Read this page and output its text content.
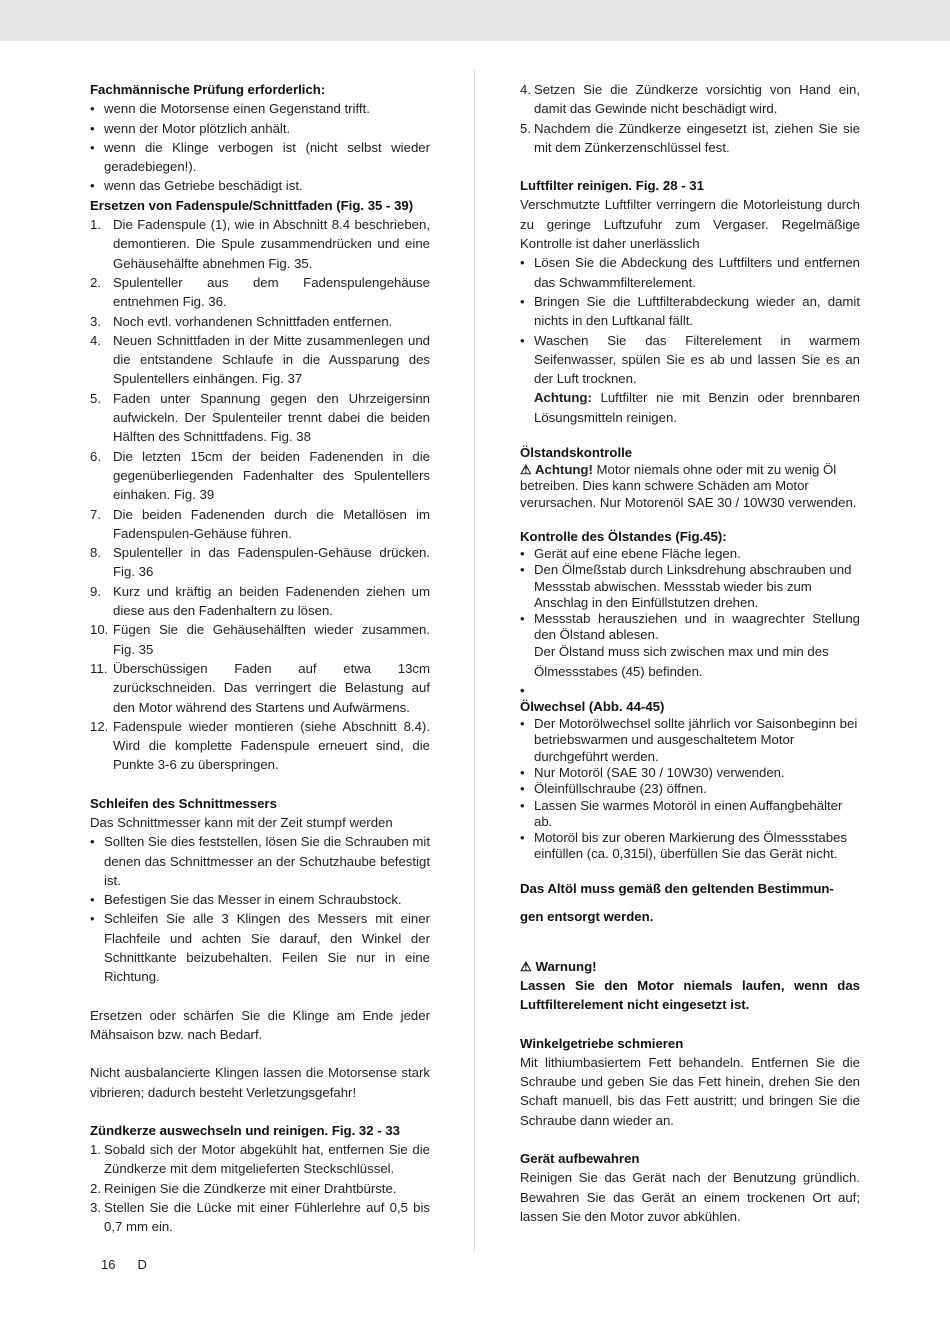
Fachmännische Prüfung erforderlich:
• wenn die Motorsense einen Gegenstand trifft.
• wenn der Motor plötzlich anhält.
• wenn die Klinge verbogen ist (nicht selbst wieder geradebiegen!).
• wenn das Getriebe beschädigt ist.
Ersetzen von Fadenspule/Schnittfaden (Fig. 35 - 39)
1. Die Fadenspule (1), wie in Abschnitt 8.4 beschrieben, demontieren. Die Spule zusammendrücken und eine Gehäusehälfte abnehmen Fig. 35.
2. Spulenteller aus dem Fadenspulengehäuse entnehmen Fig. 36.
3. Noch evtl. vorhandenen Schnittfaden entfernen.
4. Neuen Schnittfaden in der Mitte zusammenlegen und die entstandene Schlaufe in die Aussparung des Spulentellers einhängen. Fig. 37
5. Faden unter Spannung gegen den Uhrzeigersinn aufwickeln. Der Spulenteiler trennt dabei die beiden Hälften des Schnittfadens. Fig. 38
6. Die letzten 15cm der beiden Fadenenden in die gegenüberliegenden Fadenhalter des Spulentellers einhaken. Fig. 39
7. Die beiden Fadenenden durch die Metallösen im Fadenspulen-Gehäuse führen.
8. Spulenteller in das Fadenspulen-Gehäuse drücken. Fig. 36
9. Kurz und kräftig an beiden Fadenenden ziehen um diese aus den Fadenhaltern zu lösen.
10. Fügen Sie die Gehäusehälften wieder zusammen. Fig. 35
11. Überschüssigen Faden auf etwa 13cm zurückschneiden. Das verringert die Belastung auf den Motor während des Startens und Aufwärmens.
12. Fadenspule wieder montieren (siehe Abschnitt 8.4). Wird die komplette Fadenspule erneuert sind, die Punkte 3-6 zu überspringen.
Schleifen des Schnittmessers

Das Schnittmesser kann mit der Zeit stumpf werden

• Sollten Sie dies feststellen, lösen Sie die Schrauben mit denen das Schnittmesser an der Schutzhaube befestigt ist.
• Befestigen Sie das Messer in einem Schraubstock.
• Schleifen Sie alle 3 Klingen des Messers mit einer Flachfeile und achten Sie darauf, den Winkel der Schnittkante beizubehalten. Feilen Sie nur in eine Richtung.

Ersetzen oder schärfen Sie die Klinge am Ende jeder Mähsaison bzw. nach Bedarf.

Nicht ausbalancierte Klingen lassen die Motorsense stark vibrieren; dadurch besteht Verletzungsgefahr!

Zündkerze auswechseln und reinigen. Fig. 32 - 33
1. Sobald sich der Motor abgekühlt hat, entfernen Sie die Zündkerze mit dem mitgelieferten Steckschlüssel.
2. Reinigen Sie die Zündkerze mit einer Drahtbürste.
3. Stellen Sie die Lücke mit einer Fühlerlehre auf 0,5 bis 0,7 mm ein.
4. Setzen Sie die Zündkerze vorsichtig von Hand ein, damit das Gewinde nicht beschädigt wird.
5. Nachdem die Zündkerze eingesetzt ist, ziehen Sie sie mit dem Zünkerzenschlüssel fest.
Luftfilter reinigen. Fig. 28 - 31

Verschmutzte Luftfilter verringern die Motorleistung durch zu geringe Luftzufuhr zum Vergaser. Regelmäßige Kontrolle ist daher unerlässlich

• Lösen Sie die Abdeckung des Luftfilters und entfernen das Schwammfilterelement.
• Bringen Sie die Luftfilterabdeckung wieder an, damit nichts in den Luftkanal fällt.
• Waschen Sie das Filterelement in warmem Seifenwasser, spülen Sie es ab und lassen Sie es an der Luft trocknen.

Achtung: Luftfilter nie mit Benzin oder brennbaren Lösungsmitteln reinigen.

Ölstandskontrolle

⚠ Achtung! Motor niemals ohne oder mit zu wenig Öl betreiben. Dies kann schwere Schäden am Motor verursachen. Nur Motorenöl SAE 30 / 10W30 verwenden.

Kontrolle des Ölstandes (Fig.45):
• Gerät auf eine ebene Fläche legen.
• Den Ölmeßstab durch Linksdrehung abschrauben und Messstab abwischen. Messstab wieder bis zum Anschlag in den Einfüllstutzen drehen.
• Messstab herausziehen und in waagrechter Stellung den Ölstand ablesen.

Der Ölstand muss sich zwischen max und min des

Ölmessstabes (45) befinden.

•
Ölwechsel (Abb. 44-45)
• Der Motorölwechsel sollte jährlich vor Saisonbeginn bei betriebswarmen und ausgeschaltetem Motor durchgeführt werden.
• Nur Motoröl (SAE 30 / 10W30) verwenden.
• Öleinfüllschraube (23) öffnen.
• Lassen Sie warmes Motoröl in einen Auffangbehälter ab.
• Motoröl bis zur oberen Markierung des Ölmessstabes einfüllen (ca. 0,315l), überfüllen Sie das Gerät nicht.
Das Altöl muss gemäß den geltenden Bestimmun-
gen entsorgt werden.
⚠ Warnung!

Lassen Sie den Motor niemals laufen, wenn das Luftfilterelement nicht eingesetzt ist.

Winkelgetriebe schmieren

Mit lithiumbasiertem Fett behandeln. Entfernen Sie die Schraube und geben Sie das Fett hinein, drehen Sie den Schaft manuell, bis das Fett austritt; und bringen Sie die Schraube dann wieder an.

Gerät aufbewahren

Reinigen Sie das Gerät nach der Benutzung gründlich. Bewahren Sie das Gerät an einem trockenen Ort auf; lassen Sie den Motor zuvor abkühlen.

16 D
